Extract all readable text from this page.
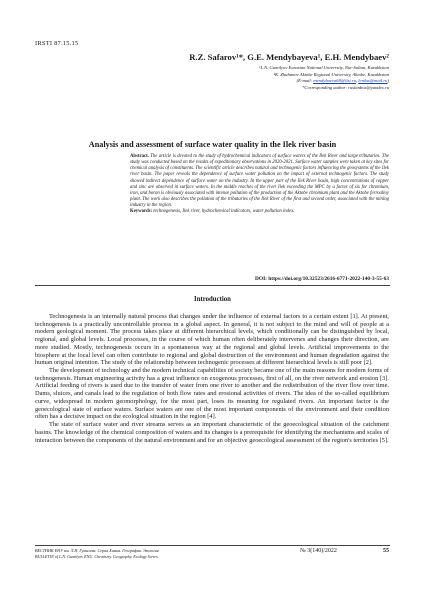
IRSTI 87.15.15
R.Z. Safarov¹*, G.E. Mendybayeva¹, E.H. Mendybaev²
¹L.N. Gumilyov Eurasian National University, Nur-Sultan, Kazakhstan
²K. Zhubanov Aktobe Regional University, Aktobe, Kazakhstan
(E-mail: mendybaeva68@list.ru, lerdux@mail.ru)
*Corresponding author: ruslanbox@yandex.ru
Analysis and assessment of surface water quality in the Ilek river basin
Abstract. The article is devoted to the study of hydrochemical indicators of surface waters of the Ilek River and large tributaries. The study was conducted based on the results of expeditionary observations in 2020-2021. Surface water samples were taken at key sites for chemical analysis of constituents. The scientific article describes natural and technogenic factors influencing the geosystems of the Ilek river basin. The paper reveals the dependence of surface water pollution on the impact of external technogenic factors. The study showed indirect dependence of surface water on the industry. In the upper part of the Ilek River basin, high concentrations of copper and zinc are observed in surface waters. In the middle reaches of the river Ilek exceeding the MPC by a factor of six for chromium, iron, and boron is obviously associated with intense pollution of the production of the Aktobe chromium plant and the Aktobe ferroalloy plant. The work also describes the pollution of the tributaries of the Ilek River of the first and second order, associated with the mining industry in the region.
Keywords: technogenesis, Ilek river, hydrochemical indicators, water pollution index.
DOI: https://doi.org/10.32523/2616-6771-2022-140-3-55-63
Introduction

Technogenesis is an internally natural process that changes under the influence of external factors to a certain extent [1]. At present, technogenesis is a practically uncontrollable process in a global aspect. In general, it is not subject to the mind and will of people at a modern geological moment. The process takes place at different hierarchical levels, which conditionally can be distinguished by local, regional, and global levels. Local processes, in the course of which human often deliberately intervenes and changes their direction, are more studied. Mostly, technogenesis occurs in a spontaneous way at the regional and global levels. Artificial improvements to the biosphere at the local level can often contribute to regional and global destruction of the environment and human degradation against the human original intention. The study of the relationship between technogenic processes at different hierarchical levels is still poor [2].

The development of technology and the modern technical capabilities of society became one of the main reasons for modern forms of technogenesis. Human engineering activity has a great influence on exogenous processes, first of all, on the river network and erosion [3]. Artificial feeding of rivers is used due to the transfer of water from one river to another and the redistribution of the river flow over time. Dams, sluices, and canals lead to the regulation of both flow rates and erosional activities of rivers. The idea of the so-called equilibrium curve, widespread in modern geomorphology, for the most part, loses its meaning for regulated rivers. An important factor is the geoecological state of surface waters. Surface waters are one of the most important components of the environment and their condition often has a decisive impact on the ecological situation in the region [4].

The state of surface water and river streams serves as an important characteristic of the geoecological situation of the catchment basins. The knowledge of the chemical composition of waters and its changes is a prerequisite for identifying the mechanisms and scales of interaction between the components of the natural environment and for an objective geoecological assessment of the region's territories [5].

ВЕСТНИК ЕНУ им. Л.Н. Гумилева. Серия Химия. География. Экология
BULLETIN of L.N. Gumilyov ENU. Chemistry. Geography. Ecology Series
№ 3(140)/2022	55
